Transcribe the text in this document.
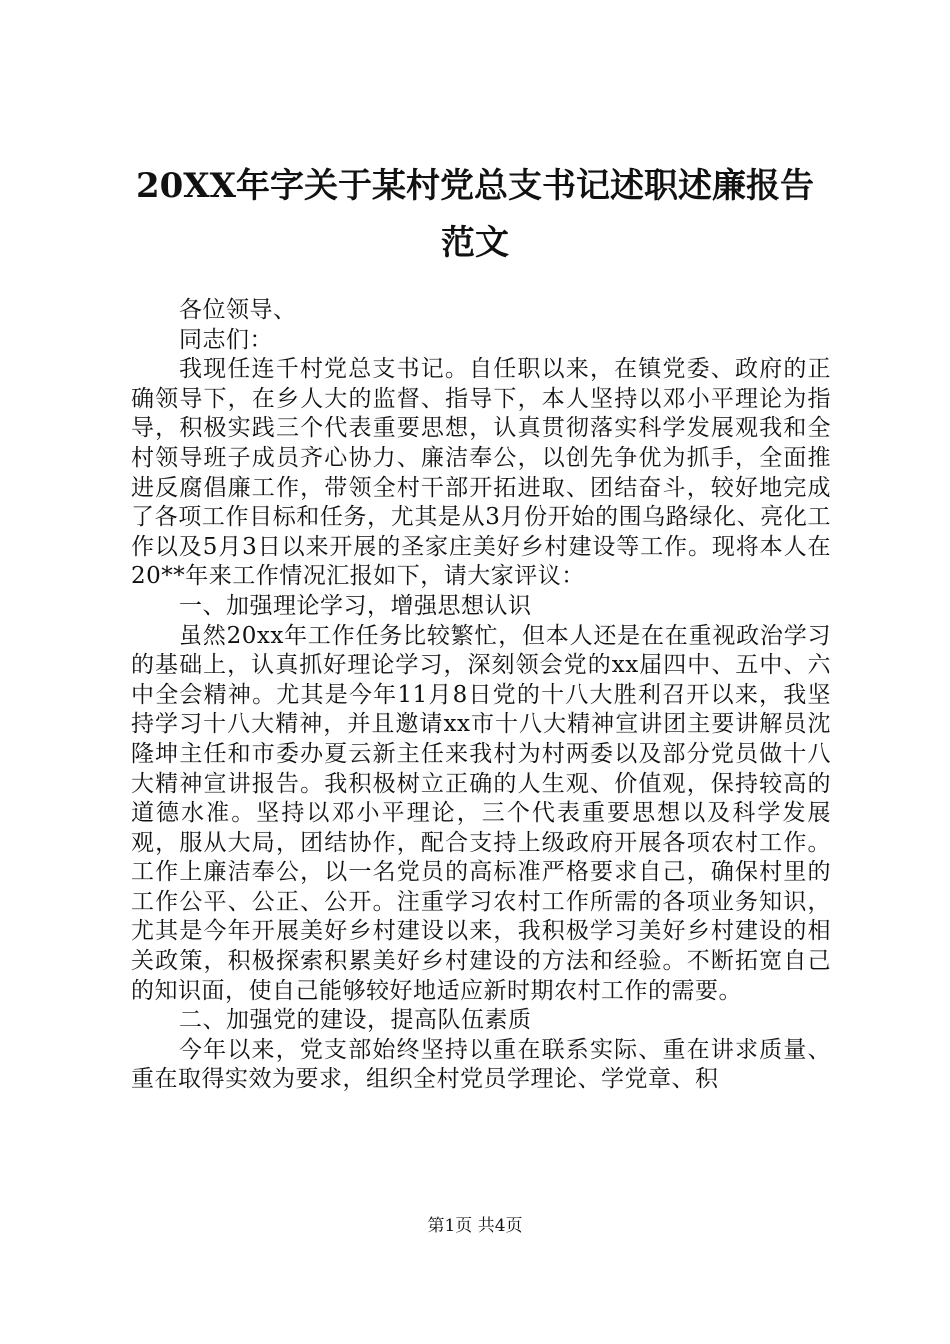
20XX年字关于某村党总支书记述职述廉报告
范文

各位领导、

同志们：

我现任连千村党总支书记。自任职以来，在镇党委、政府的正确领导下，在乡人大的监督、指导下，本人坚持以邓小平理论为指导，积极实践三个代表重要思想，认真贯彻落实科学发展观我和全村领导班子成员齐心协力、廉洁奉公，以创先争优为抓手，全面推进反腐倡廉工作，带领全村干部开拓进取、团结奋斗，较好地完成了各项工作目标和任务，尤其是从3月份开始的围乌路绿化、亮化工作以及5月3日以来开展的圣家庄美好乡村建设等工作。现将本人在20**年来工作情况汇报如下，请大家评议：

一、加强理论学习，增强思想认识

虽然20xx年工作任务比较繁忙，但本人还是在在重视政治学习的基础上，认真抓好理论学习，深刻领会党的xx届四中、五中、六中全会精神。尤其是今年11月8日党的十八大胜利召开以来，我坚持学习十八大精神，并且邀请xx市十八大精神宣讲团主要讲解员沈隆坤主任和市委办夏云新主任来我村为村两委以及部分党员做十八大精神宣讲报告。我积极树立正确的人生观、价值观，保持较高的道德水准。坚持以邓小平理论，三个代表重要思想以及科学发展观，服从大局，团结协作，配合支持上级政府开展各项农村工作。工作上廉洁奉公，以一名党员的高标准严格要求自己，确保村里的工作公平、公正、公开。注重学习农村工作所需的各项业务知识，尤其是今年开展美好乡村建设以来，我积极学习美好乡村建设的相关政策，积极探索积累美好乡村建设的方法和经验。不断拓宽自己的知识面，使自己能够较好地适应新时期农村工作的需要。

二、加强党的建设，提高队伍素质

今年以来，党支部始终坚持以重在联系实际、重在讲求质量、重在取得实效为要求，组织全村党员学理论、学党章、积

第1页 共4页
